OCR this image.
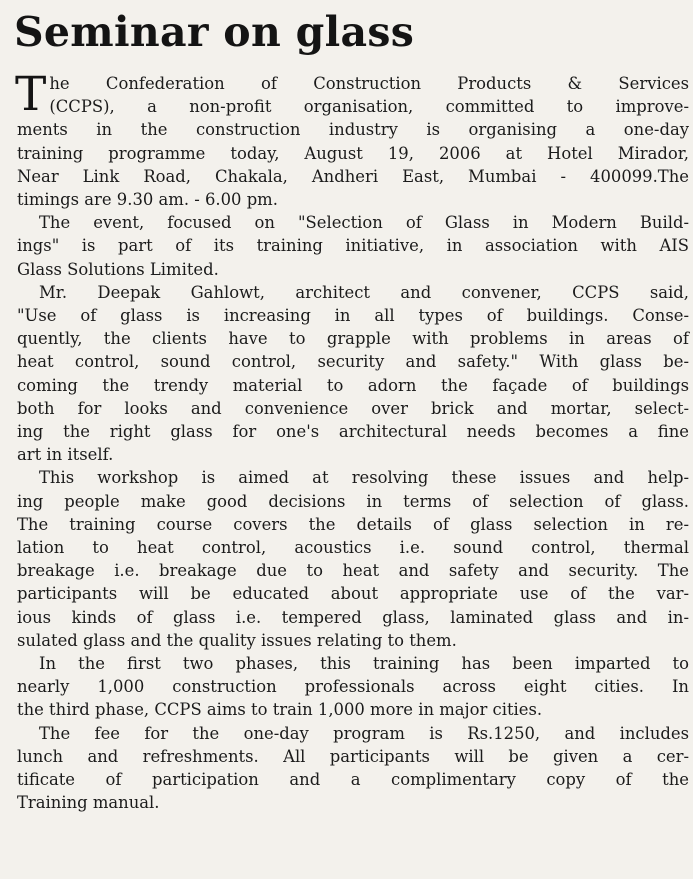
Seminar on glass

T he Confederation of Construction Products & Services
(CCPS), a non-profit organisation, committed to improve-
ments in the construction industry is organising a one-day
training programme today, August 19, 2006 at Hotel Mirador,
Near Link Road, Chakala, Andheri East, Mumbai - 400099.The
timings are 9.30 am. - 6.00 pm.

The event, focused on "Selection of Glass in Modern Build-
ings" is part of its training initiative, in association with AIS
Glass Solutions Limited.

Mr. Deepak Gahlowt, architect and convener, CCPS said,
"Use of glass is increasing in all types of buildings. Conse-
quently, the clients have to grapple with problems in areas of
heat control, sound control, security and safety." With glass be-
coming the trendy material to adorn the façade of buildings
both for looks and convenience over brick and mortar, select-
ing the right glass for one's architectural needs becomes a fine
art in itself.

This workshop is aimed at resolving these issues and help-
ing people make good decisions in terms of selection of glass.
The training course covers the details of glass selection in re-
lation to heat control, acoustics i.e. sound control, thermal
breakage i.e. breakage due to heat and safety and security. The
participants will be educated about appropriate use of the var-
ious kinds of glass i.e. tempered glass, laminated glass and in-
sulated glass and the quality issues relating to them.

In the first two phases, this training has been imparted to
nearly 1,000 construction professionals across eight cities. In
the third phase, CCPS aims to train 1,000 more in major cities.

The fee for the one-day program is Rs.1250, and includes
lunch and refreshments. All participants will be given a cer-
tificate of participation and a complimentary copy of the
Training manual.
